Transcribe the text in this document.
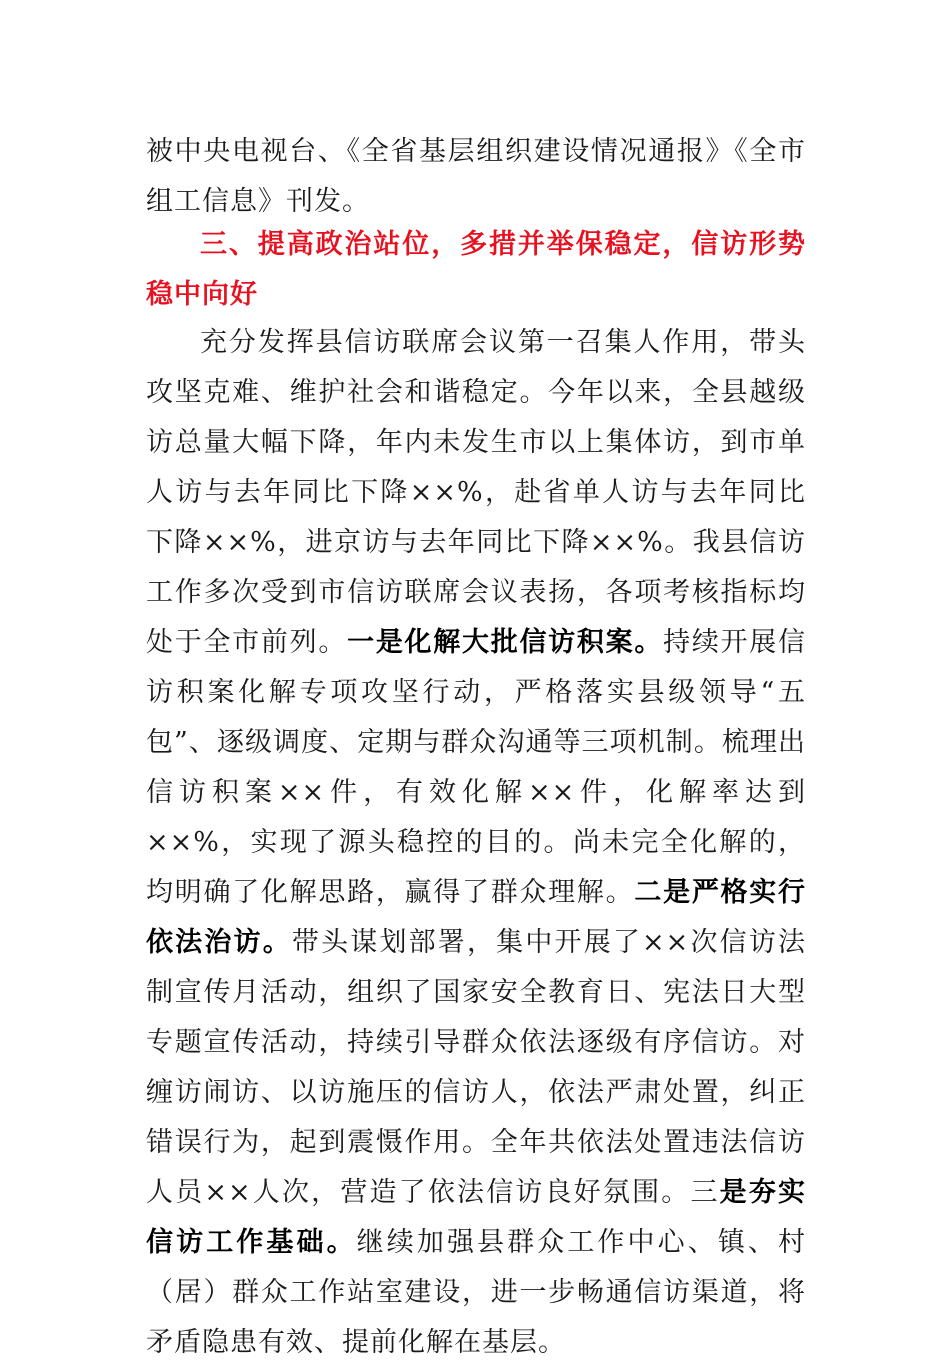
被中央电视台、《全省基层组织建设情况通报》《全市组工信息》刊发。
三、提高政治站位，多措并举保稳定，信访形势稳中向好
充分发挥县信访联席会议第一召集人作用，带头攻坚克难、维护社会和谐稳定。今年以来，全县越级访总量大幅下降，年内未发生市以上集体访，到市单人访与去年同比下降××%，赴省单人访与去年同比下降××%，进京访与去年同比下降××%。我县信访工作多次受到市信访联席会议表扬，各项考核指标均处于全市前列。一是化解大批信访积案。持续开展信访积案化解专项攻坚行动，严格落实县级领导“五包”、逐级调度、定期与群众沟通等三项机制。梳理出信访积案××件，有效化解××件，化解率达到××%，实现了源头稳控的目的。尚未完全化解的，均明确了化解思路，赢得了群众理解。二是严格实行依法治访。带头谋划部署，集中开展了××次信访法制宣传月活动，组织了国家安全教育日、宪法日大型专题宣传活动，持续引导群众依法逐级有序信访。对缠访闹访、以访施压的信访人，依法严肃处置，纠正错误行为，起到震慑作用。全年共依法处置违法信访人员××人次，营造了依法信访良好氛围。三是夯实信访工作基础。继续加强县群众工作中心、镇、村（居）群众工作站室建设，进一步畅通信访渠道，将矛盾隐患有效、提前化解在基层。
